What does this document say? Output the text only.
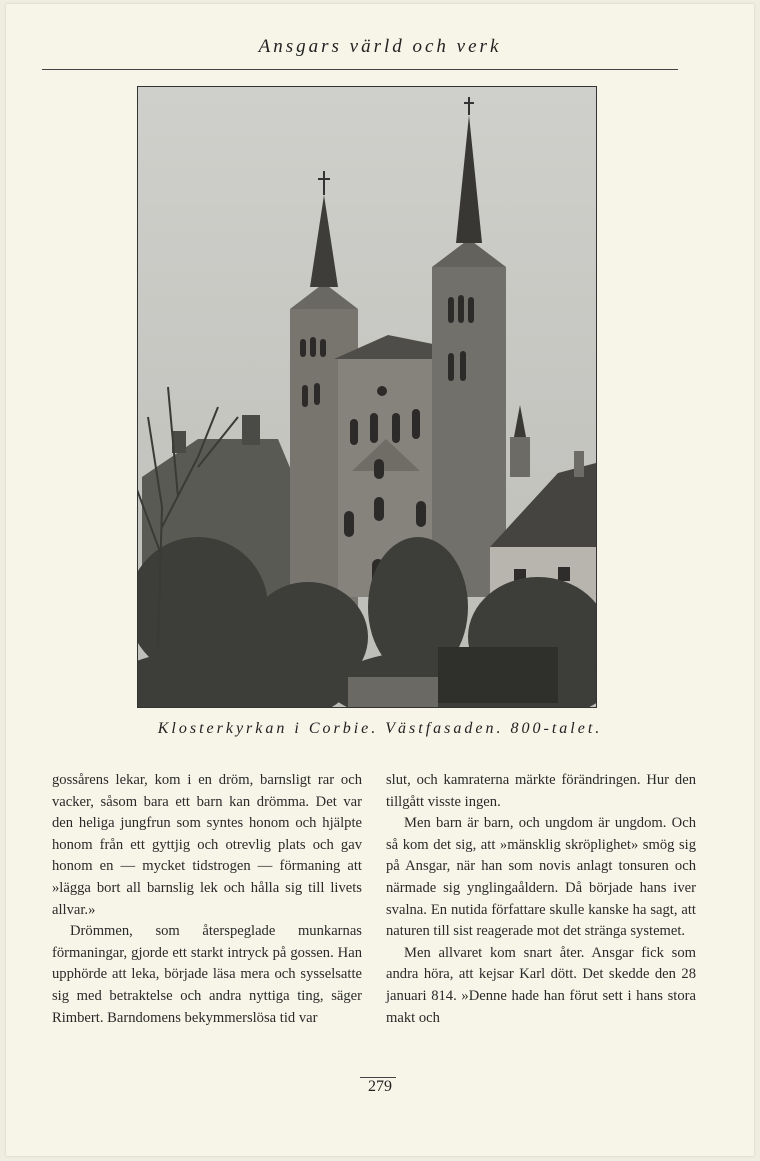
Ansgars värld och verk
Klosterkyrkan i Corbie. Västfasaden. 800-talet.

gossårens lekar, kom i en dröm, barnsligt rar och vacker, såsom bara ett barn kan drömma. Det var den heliga jungfrun som syntes honom och hjälpte honom från ett gyttjig och otrevlig plats och gav honom en — mycket tidstrogen — förmaning att »lägga bort all barnslig lek och hålla sig till livets allvar.»

Drömmen, som återspeglade munkarnas förmaningar, gjorde ett starkt intryck på gossen. Han upphörde att leka, började läsa mera och sysselsatte sig med betraktelse och andra nyttiga ting, säger Rimbert. Barndomens bekymmerslösa tid var

slut, och kamraterna märkte förändringen. Hur den tillgått visste ingen.

Men barn är barn, och ungdom är ungdom. Och så kom det sig, att »mänsklig skröplighet» smög sig på Ansgar, när han som novis anlagt tonsuren och närmade sig ynglingaåldern. Då började hans iver svalna. En nutida författare skulle kanske ha sagt, att naturen till sist reagerade mot det stränga systemet.

Men allvaret kom snart åter. Ansgar fick som andra höra, att kejsar Karl dött. Det skedde den 28 januari 814. »Denne hade han förut sett i hans stora makt och

279
